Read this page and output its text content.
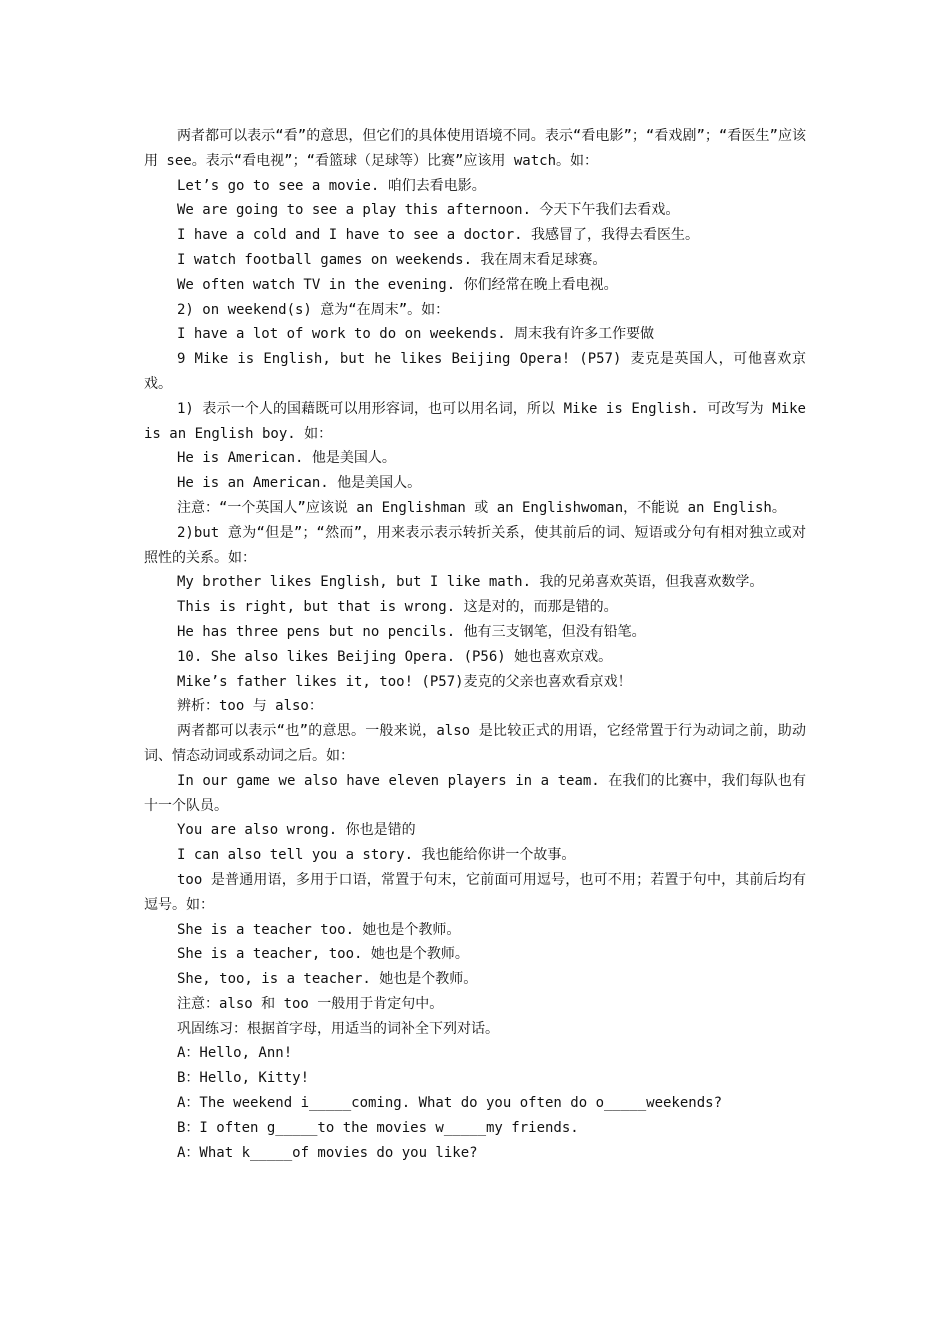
两者都可以表示“看”的意思，但它们的具体使用语境不同。表示“看电影”；“看戏剧”；“看医生”应该用 see。表示“看电视”；“看篮球（足球等）比赛”应该用 watch。如：

Let’s go to see a movie. 咱们去看电影。

We are going to see a play this afternoon. 今天下午我们去看戏。

I have a cold and I have to see a doctor. 我感冒了，我得去看医生。

I watch football games on weekends. 我在周末看足球赛。

We often watch TV in the evening. 你们经常在晚上看电视。

2) on weekend(s) 意为“在周末”。如：

I have a lot of work to do on weekends. 周末我有许多工作要做

9 Mike is English, but he likes Beijing Opera! (P57) 麦克是英国人，可他喜欢京戏。

1) 表示一个人的国藉既可以用形容词，也可以用名词，所以 Mike is English. 可改写为 Mike is an English boy. 如：

He is American. 他是美国人。

He is an American. 他是美国人。

注意：“一个英国人”应该说 an Englishman 或 an Englishwoman，不能说 an English。

2)but 意为“但是”；“然而”，用来表示表示转折关系，使其前后的词、短语或分句有相对独立或对照性的关系。如：

My brother likes English, but I like math. 我的兄弟喜欢英语，但我喜欢数学。

This is right, but that is wrong. 这是对的，而那是错的。

He has three pens but no pencils. 他有三支钢笔，但没有铅笔。

10. She also likes Beijing Opera. (P56) 她也喜欢京戏。

Mike’s father likes it, too! (P57)麦克的父亲也喜欢看京戏！

辨析：too 与 also：

两者都可以表示“也”的意思。一般来说，also 是比较正式的用语，它经常置于行为动词之前，助动词、情态动词或系动词之后。如：

In our game we also have eleven players in a team. 在我们的比赛中，我们每队也有十一个队员。

You are also wrong. 你也是错的

I can also tell you a story. 我也能给你讲一个故事。

too 是普通用语，多用于口语，常置于句末，它前面可用逗号，也可不用；若置于句中，其前后均有逗号。如：

She is a teacher too. 她也是个教师。

She is a teacher, too. 她也是个教师。

She, too, is a teacher. 她也是个教师。

注意：also 和 too 一般用于肯定句中。

巩固练习：根据首字母，用适当的词补全下列对话。

A：Hello, Ann!

B：Hello, Kitty!

A：The weekend i_____coming. What do you often do o_____weekends?

B：I often g_____to the movies w_____my friends.

A：What k_____of movies do you like?
